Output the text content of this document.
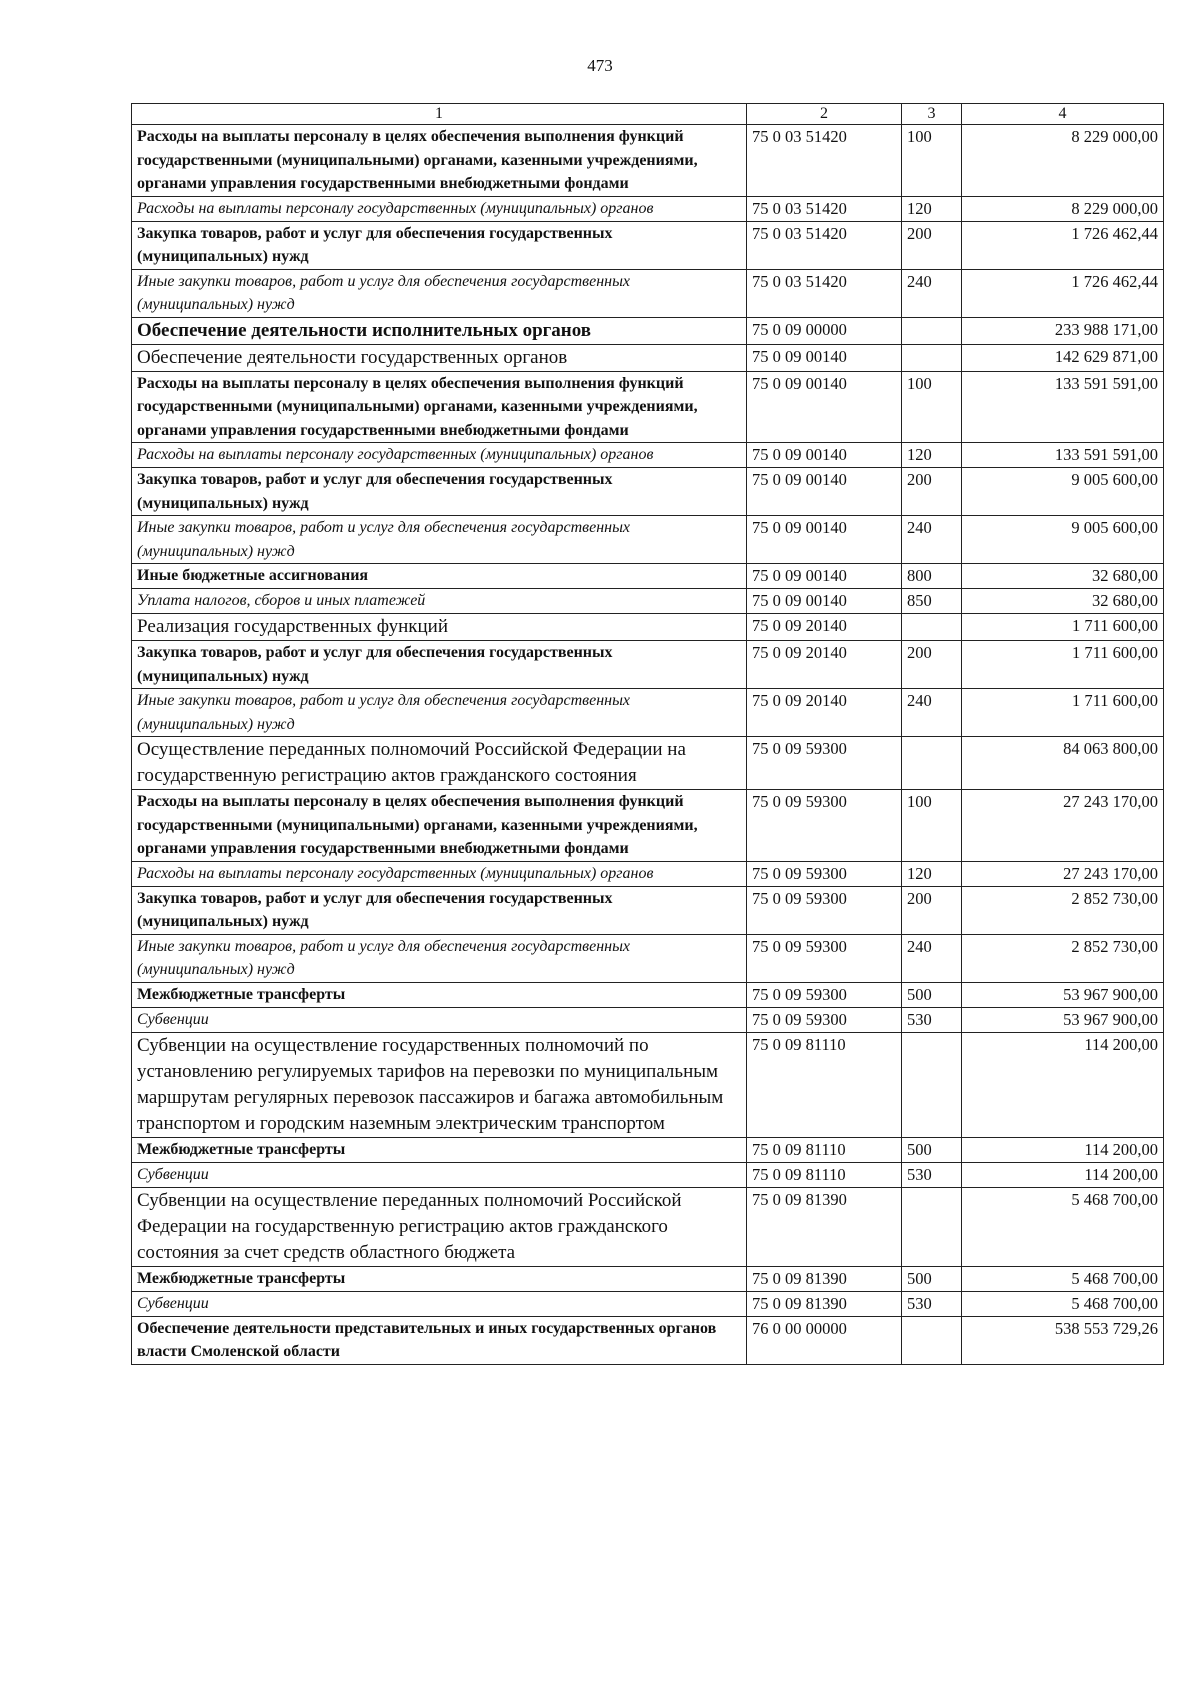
473
1	2	3	4
Расходы на выплаты персоналу в целях обеспечения выполнения функций государственными (муниципальными) органами, казенными учреждениями, органами управления государственными внебюджетными фондами	75 0 03 51420	100	8 229 000,00
Расходы на выплаты персоналу государственных (муниципальных) органов	75 0 03 51420	120	8 229 000,00
Закупка товаров, работ и услуг для обеспечения государственных (муниципальных) нужд	75 0 03 51420	200	1 726 462,44
Иные закупки товаров, работ и услуг для обеспечения государственных (муниципальных) нужд	75 0 03 51420	240	1 726 462,44
Обеспечение деятельности исполнительных органов	75 0 09 00000		233 988 171,00
Обеспечение деятельности государственных органов	75 0 09 00140		142 629 871,00
Расходы на выплаты персоналу в целях обеспечения выполнения функций государственными (муниципальными) органами, казенными учреждениями, органами управления государственными внебюджетными фондами	75 0 09 00140	100	133 591 591,00
Расходы на выплаты персоналу государственных (муниципальных) органов	75 0 09 00140	120	133 591 591,00
Закупка товаров, работ и услуг для обеспечения государственных (муниципальных) нужд	75 0 09 00140	200	9 005 600,00
Иные закупки товаров, работ и услуг для обеспечения государственных (муниципальных) нужд	75 0 09 00140	240	9 005 600,00
Иные бюджетные ассигнования	75 0 09 00140	800	32 680,00
Уплата налогов, сборов и иных платежей	75 0 09 00140	850	32 680,00
Реализация государственных функций	75 0 09 20140		1 711 600,00
Закупка товаров, работ и услуг для обеспечения государственных (муниципальных) нужд	75 0 09 20140	200	1 711 600,00
Иные закупки товаров, работ и услуг для обеспечения государственных (муниципальных) нужд	75 0 09 20140	240	1 711 600,00
Осуществление переданных полномочий Российской Федерации на государственную регистрацию актов гражданского состояния	75 0 09 59300		84 063 800,00
Расходы на выплаты персоналу в целях обеспечения выполнения функций государственными (муниципальными) органами, казенными учреждениями, органами управления государственными внебюджетными фондами	75 0 09 59300	100	27 243 170,00
Расходы на выплаты персоналу государственных (муниципальных) органов	75 0 09 59300	120	27 243 170,00
Закупка товаров, работ и услуг для обеспечения государственных (муниципальных) нужд	75 0 09 59300	200	2 852 730,00
Иные закупки товаров, работ и услуг для обеспечения государственных (муниципальных) нужд	75 0 09 59300	240	2 852 730,00
Межбюджетные трансферты	75 0 09 59300	500	53 967 900,00
Субвенции	75 0 09 59300	530	53 967 900,00
Субвенции на осуществление государственных полномочий по установлению регулируемых тарифов на перевозки по муниципальным маршрутам регулярных перевозок пассажиров и багажа автомобильным транспортом и городским наземным электрическим транспортом	75 0 09 81110		114 200,00
Межбюджетные трансферты	75 0 09 81110	500	114 200,00
Субвенции	75 0 09 81110	530	114 200,00
Субвенции на осуществление переданных полномочий Российской Федерации на государственную регистрацию актов гражданского состояния за счет средств областного бюджета	75 0 09 81390		5 468 700,00
Межбюджетные трансферты	75 0 09 81390	500	5 468 700,00
Субвенции	75 0 09 81390	530	5 468 700,00
Обеспечение деятельности представительных и иных государственных органов власти Смоленской области	76 0 00 00000		538 553 729,26
